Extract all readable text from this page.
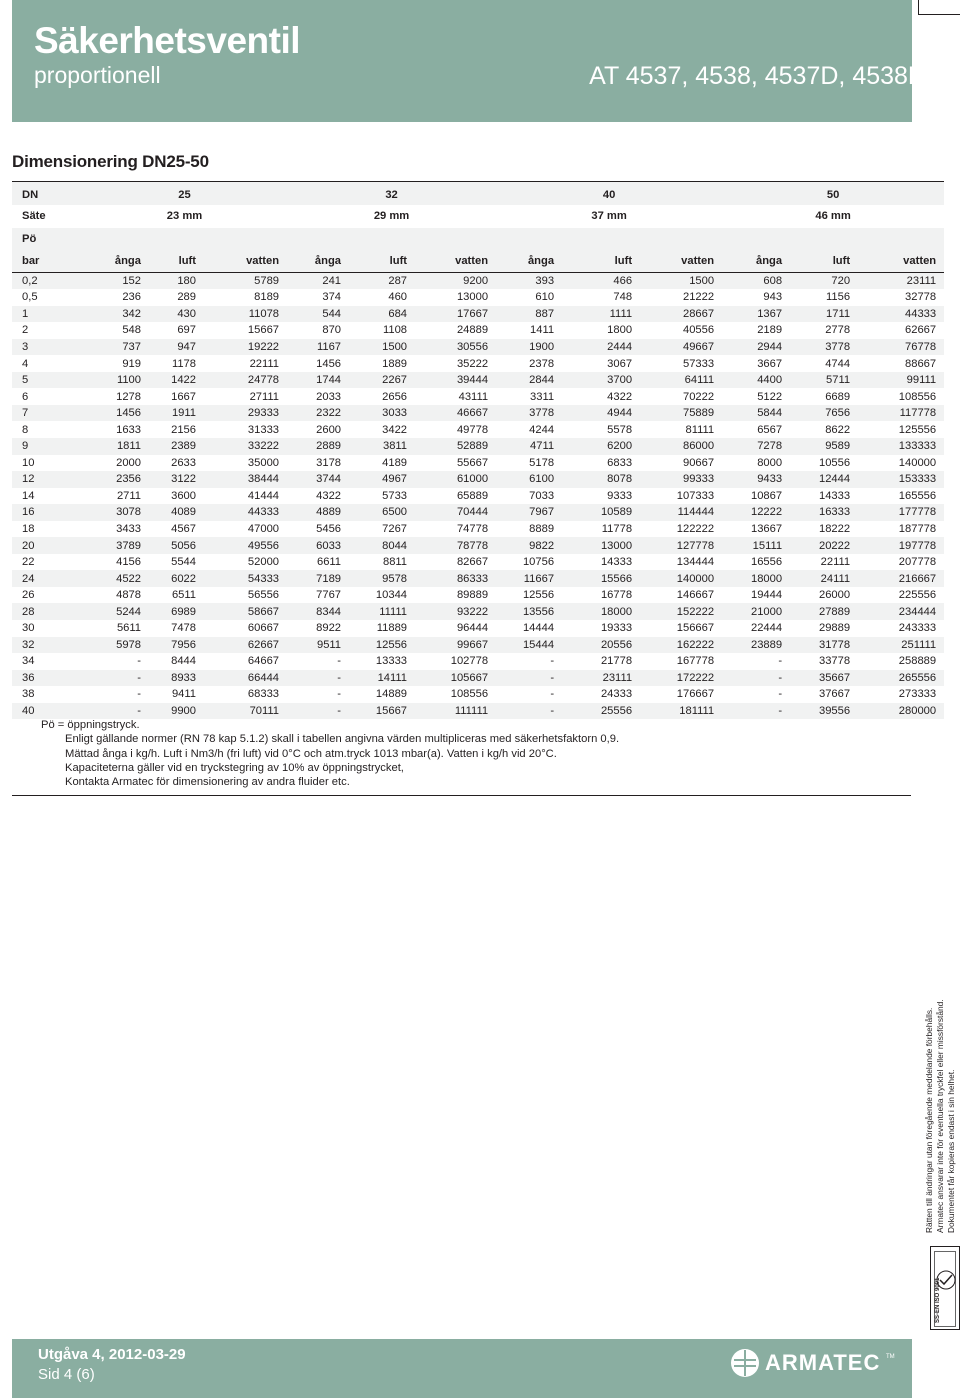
Säkerhetsventil
proportionell	AT 4537, 4538, 4537D, 4538D
Dimensionering DN25-50
DN	25			32			40			50		
Säte	23 mm			29 mm			37 mm			46 mm		
Pö												
bar	ånga	luft	vatten	ånga	luft	vatten	ånga	luft	vatten	ånga	luft	vatten
0,2	152	180	5789	241	287	9200	393	466	1500	608	720	23111
0,5	236	289	8189	374	460	13000	610	748	21222	943	1156	32778
1	342	430	11078	544	684	17667	887	1111	28667	1367	1711	44333
2	548	697	15667	870	1108	24889	1411	1800	40556	2189	2778	62667
3	737	947	19222	1167	1500	30556	1900	2444	49667	2944	3778	76778
4	919	1178	22111	1456	1889	35222	2378	3067	57333	3667	4744	88667
5	1100	1422	24778	1744	2267	39444	2844	3700	64111	4400	5711	99111
6	1278	1667	27111	2033	2656	43111	3311	4322	70222	5122	6689	108556
7	1456	1911	29333	2322	3033	46667	3778	4944	75889	5844	7656	117778
8	1633	2156	31333	2600	3422	49778	4244	5578	81111	6567	8622	125556
9	1811	2389	33222	2889	3811	52889	4711	6200	86000	7278	9589	133333
10	2000	2633	35000	3178	4189	55667	5178	6833	90667	8000	10556	140000
12	2356	3122	38444	3744	4967	61000	6100	8078	99333	9433	12444	153333
14	2711	3600	41444	4322	5733	65889	7033	9333	107333	10867	14333	165556
16	3078	4089	44333	4889	6500	70444	7967	10589	114444	12222	16333	177778
18	3433	4567	47000	5456	7267	74778	8889	11778	122222	13667	18222	187778
20	3789	5056	49556	6033	8044	78778	9822	13000	127778	15111	20222	197778
22	4156	5544	52000	6611	8811	82667	10756	14333	134444	16556	22111	207778
24	4522	6022	54333	7189	9578	86333	11667	15566	140000	18000	24111	216667
26	4878	6511	56556	7767	10344	89889	12556	16778	146667	19444	26000	225556
28	5244	6989	58667	8344	11111	93222	13556	18000	152222	21000	27889	234444
30	5611	7478	60667	8922	11889	96444	14444	19333	156667	22444	29889	243333
32	5978	7956	62667	9511	12556	99667	15444	20556	162222	23889	31778	251111
34	-	8444	64667	-	13333	102778	-	21778	167778	-	33778	258889
36	-	8933	66444	-	14111	105667	-	23111	172222	-	35667	265556
38	-	9411	68333	-	14889	108556	-	24333	176667	-	37667	273333
40	-	9900	70111	-	15667	111111	-	25556	181111	-	39556	280000
Pö = öppningstryck.
Enligt gällande normer (RN 78 kap 5.1.2) skall i tabellen angivna värden multipliceras med säkerhetsfaktorn 0,9.
Mättad ånga i kg/h. Luft i Nm3/h (fri luft) vid 0°C och atm.tryck 1013 mbar(a). Vatten i kg/h vid 20°C.
Kapaciteterna gäller vid en tryckstegring av 10% av öppningstrycket,
Kontakta Armatec för dimensionering av andra fluider etc.
Rätten till ändringar utan föregående meddelande förbehålls. Armatec ansvarar inte för eventuella tryckfel eller missförstånd. Dokumentet får kopieras endast i sin helhet.
SS-EN ISO 9001
Utgåva 4, 2012-03-29
Sid 4 (6)	ARMATEC TM
